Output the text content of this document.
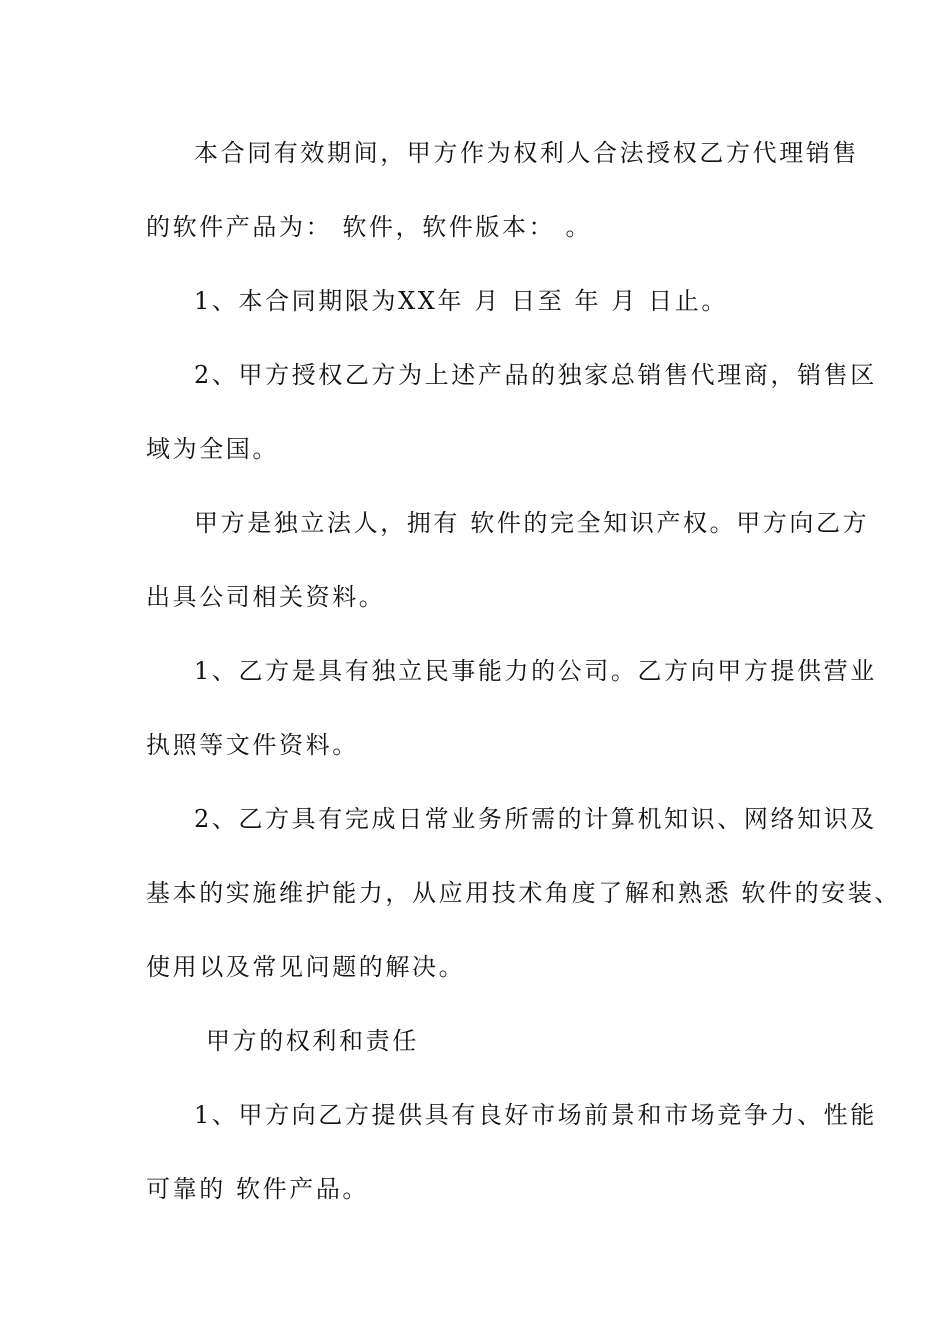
本合同有效期间，甲方作为权利人合法授权乙方代理销售
的软件产品为： 软件，软件版本： 。
1、本合同期限为XX年 月 日至 年 月 日止。
2、甲方授权乙方为上述产品的独家总销售代理商，销售区
域为全国。
甲方是独立法人，拥有 软件的完全知识产权。甲方向乙方
出具公司相关资料。
1、乙方是具有独立民事能力的公司。乙方向甲方提供营业
执照等文件资料。
2、乙方具有完成日常业务所需的计算机知识、网络知识及
基本的实施维护能力，从应用技术角度了解和熟悉 软件的安装、
使用以及常见问题的解决。
甲方的权利和责任
1、甲方向乙方提供具有良好市场前景和市场竞争力、性能
可靠的 软件产品。
